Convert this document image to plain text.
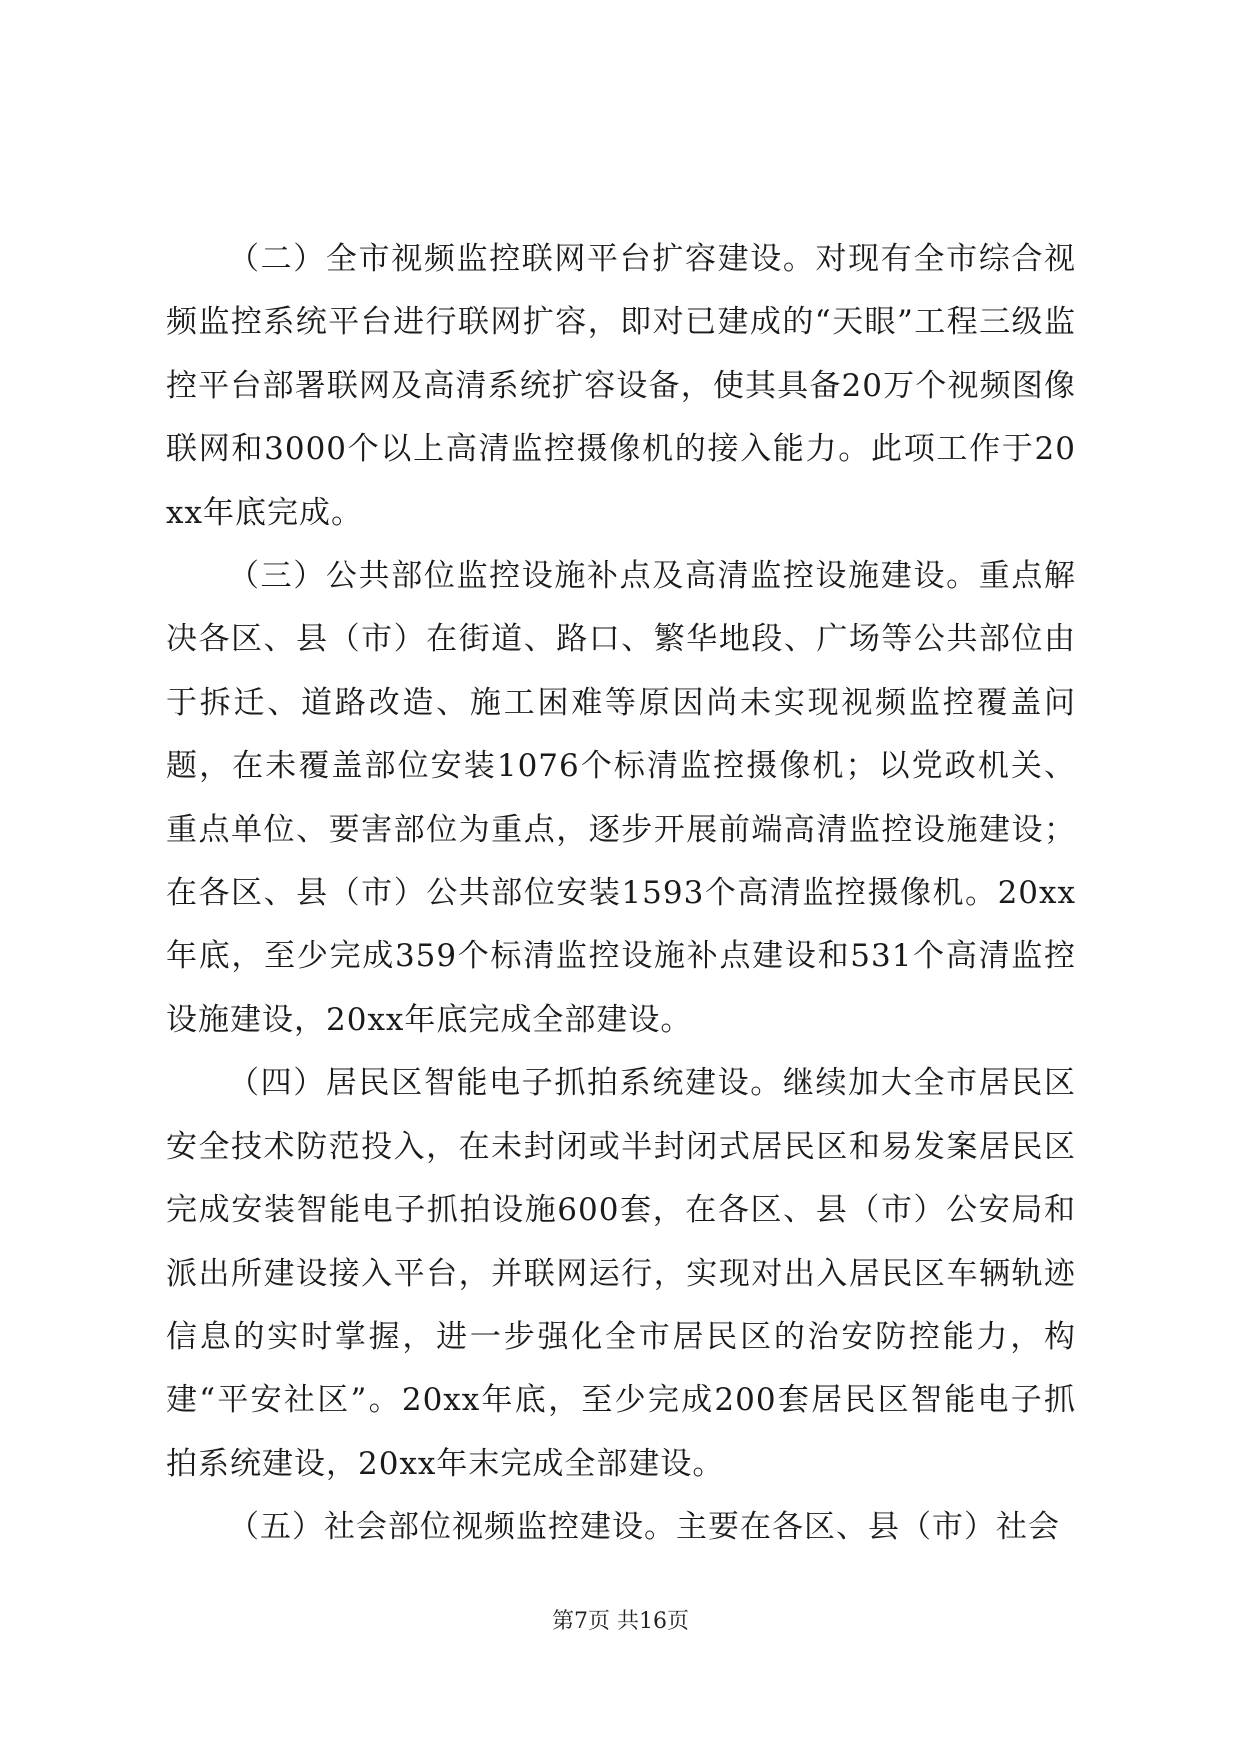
（二）全市视频监控联网平台扩容建设。对现有全市综合视频监控系统平台进行联网扩容，即对已建成的“天眼”工程三级监控平台部署联网及高清系统扩容设备，使其具备20万个视频图像联网和3000个以上高清监控摄像机的接入能力。此项工作于20xx年底完成。

（三）公共部位监控设施补点及高清监控设施建设。重点解决各区、县（市）在街道、路口、繁华地段、广场等公共部位由于拆迁、道路改造、施工困难等原因尚未实现视频监控覆盖问题，在未覆盖部位安装1076个标清监控摄像机；以党政机关、重点单位、要害部位为重点，逐步开展前端高清监控设施建设；在各区、县（市）公共部位安装1593个高清监控摄像机。20xx年底，至少完成359个标清监控设施补点建设和531个高清监控设施建设，20xx年底完成全部建设。

（四）居民区智能电子抓拍系统建设。继续加大全市居民区安全技术防范投入，在未封闭或半封闭式居民区和易发案居民区完成安装智能电子抓拍设施600套，在各区、县（市）公安局和派出所建设接入平台，并联网运行，实现对出入居民区车辆轨迹信息的实时掌握，进一步强化全市居民区的治安防控能力，构建“平安社区”。20xx年底，至少完成200套居民区智能电子抓拍系统建设，20xx年末完成全部建设。

（五）社会部位视频监控建设。主要在各区、县（市）社会

第7页 共16页
